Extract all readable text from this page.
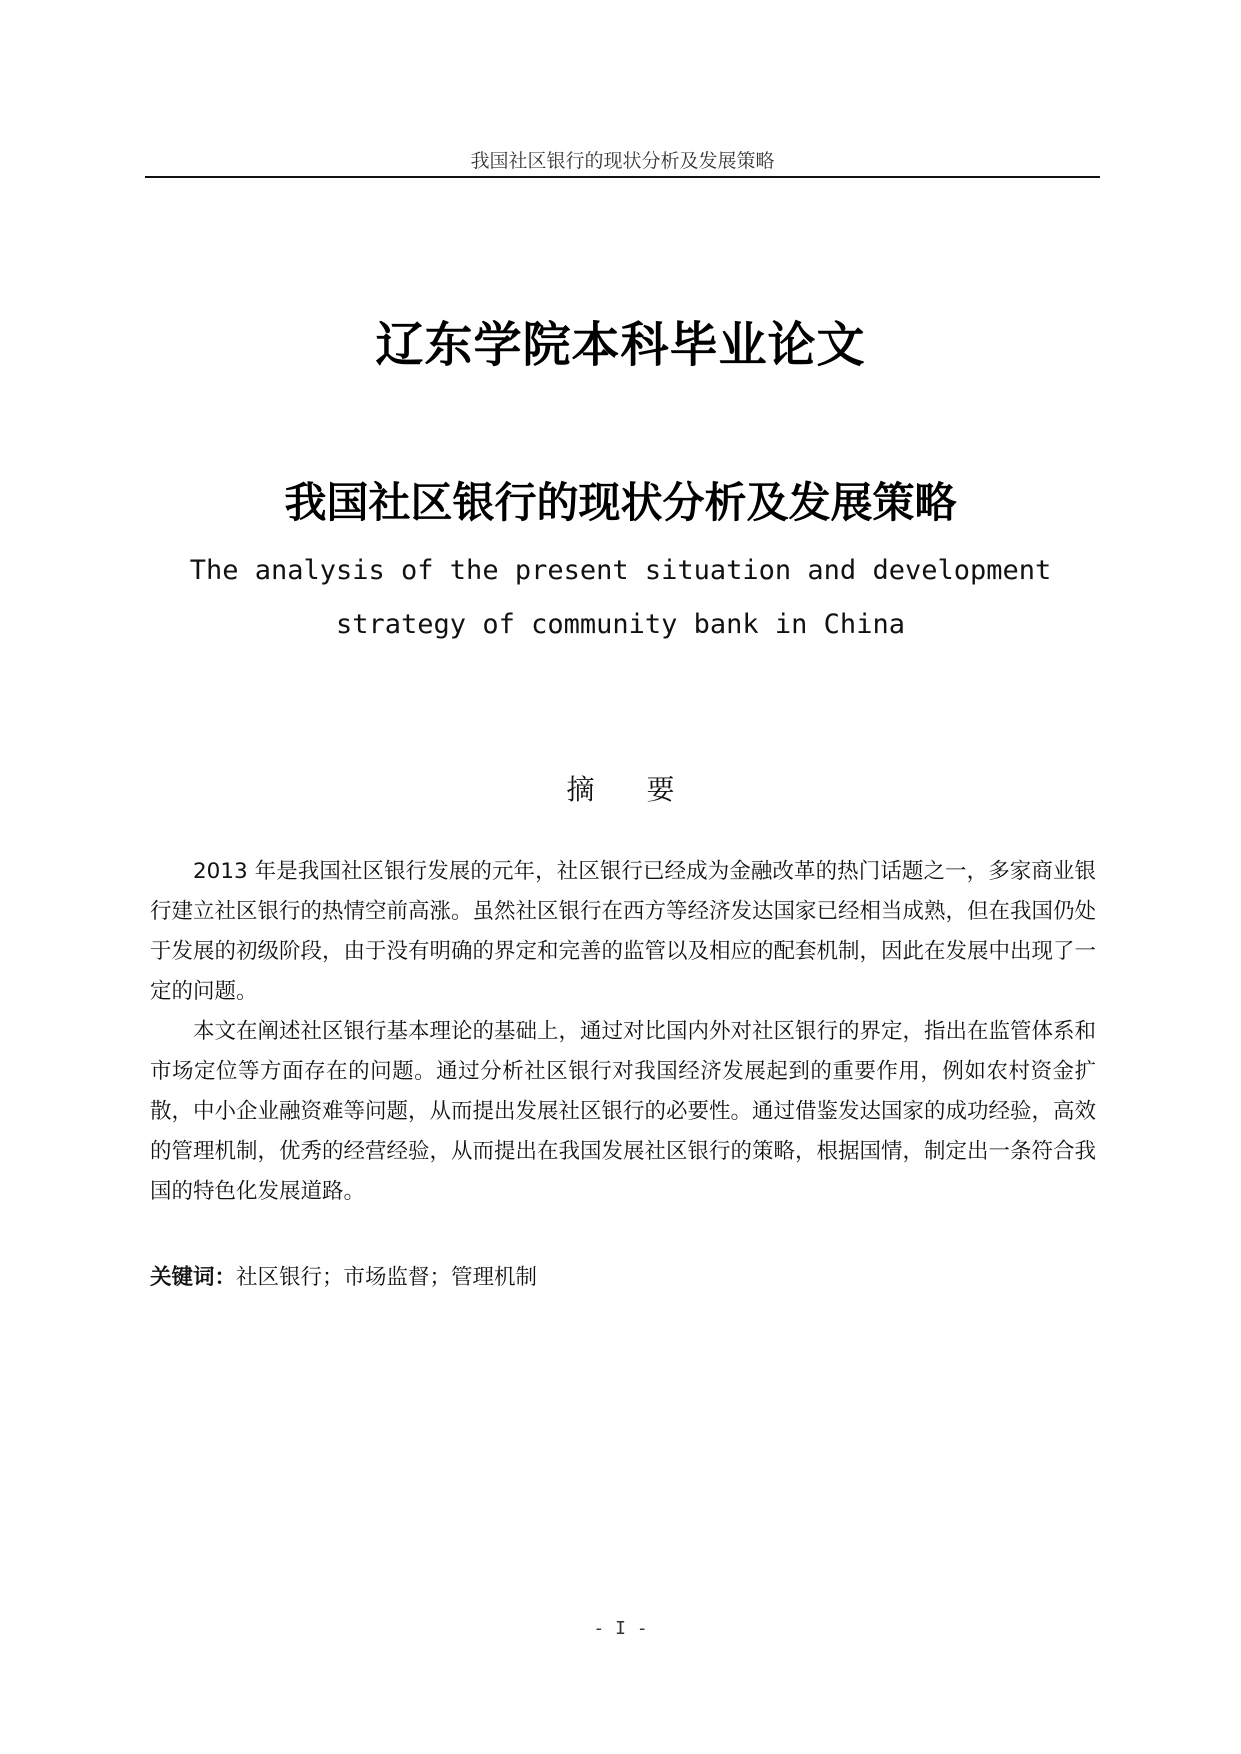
我国社区银行的现状分析及发展策略
辽东学院本科毕业论文
我国社区银行的现状分析及发展策略
The analysis of the present situation and development
strategy of community bank in China
摘 要

2013 年是我国社区银行发展的元年，社区银行已经成为金融改革的热门话题之一，多家商业银行建立社区银行的热情空前高涨。虽然社区银行在西方等经济发达国家已经相当成熟，但在我国仍处于发展的初级阶段，由于没有明确的界定和完善的监管以及相应的配套机制，因此在发展中出现了一定的问题。

本文在阐述社区银行基本理论的基础上，通过对比国内外对社区银行的界定，指出在监管体系和市场定位等方面存在的问题。通过分析社区银行对我国经济发展起到的重要作用，例如农村资金扩散，中小企业融资难等问题，从而提出发展社区银行的必要性。通过借鉴发达国家的成功经验，高效的管理机制，优秀的经营经验，从而提出在我国发展社区银行的策略，根据国情，制定出一条符合我国的特色化发展道路。

关键词：社区银行；市场监督；管理机制
- I -
